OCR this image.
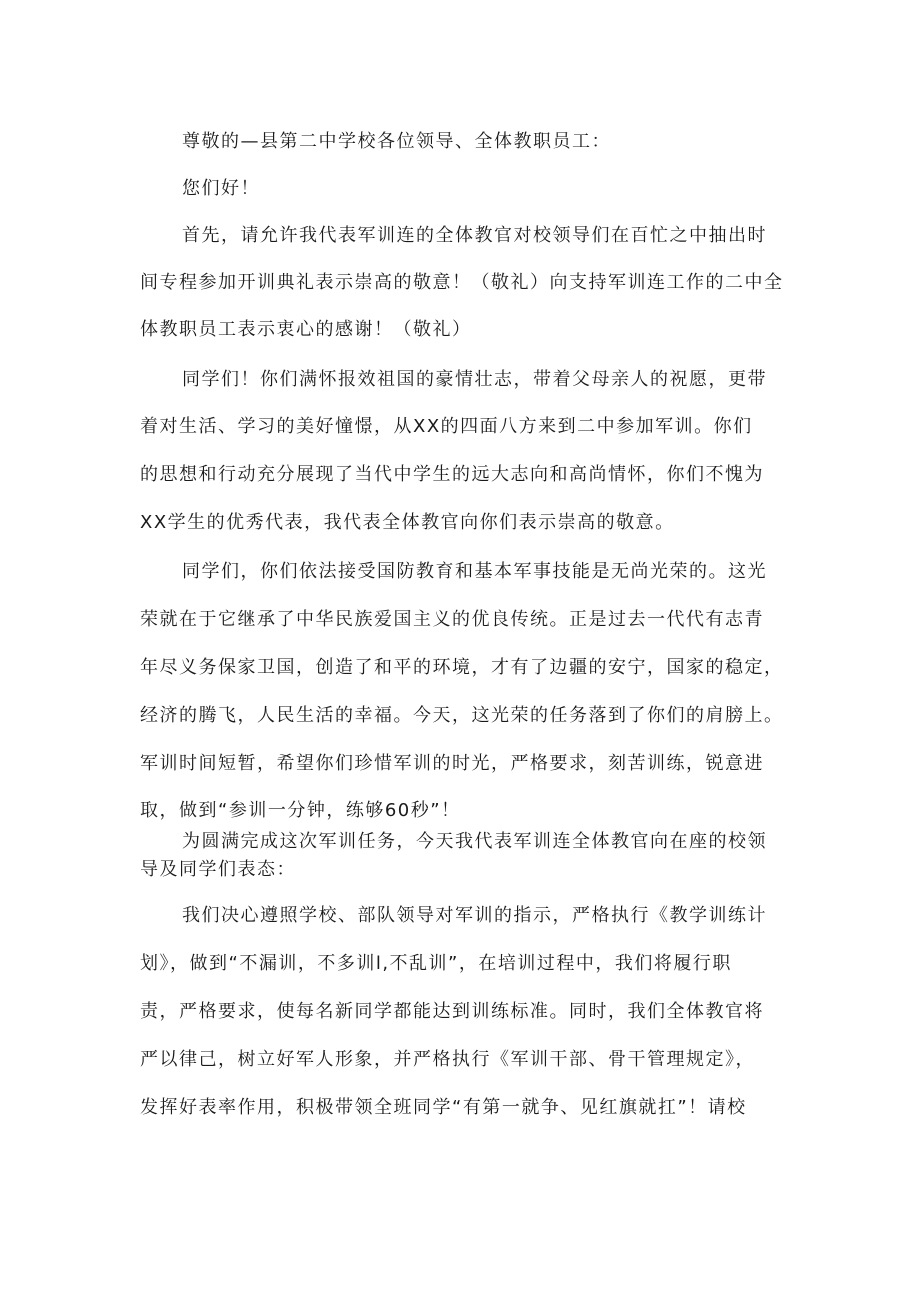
尊敬的—县第二中学校各位领导、全体教职员工：
您们好！
首先，请允许我代表军训连的全体教官对校领导们在百忙之中抽出时
间专程参加开训典礼表示崇高的敬意！（敬礼）向支持军训连工作的二中全
体教职员工表示衷心的感谢！（敬礼）
同学们！你们满怀报效祖国的豪情壮志，带着父母亲人的祝愿，更带
着对生活、学习的美好憧憬，从XX的四面八方来到二中参加军训。你们
的思想和行动充分展现了当代中学生的远大志向和高尚情怀，你们不愧为
XX学生的优秀代表，我代表全体教官向你们表示崇高的敬意。
同学们，你们依法接受国防教育和基本军事技能是无尚光荣的。这光
荣就在于它继承了中华民族爱国主义的优良传统。正是过去一代代有志青
年尽义务保家卫国，创造了和平的环境，才有了边疆的安宁，国家的稳定，
经济的腾飞，人民生活的幸福。今天，这光荣的任务落到了你们的肩膀上。
军训时间短暂，希望你们珍惜军训的时光，严格要求，刻苦训练，锐意进
取，做到“参训一分钟，练够60秒”！
为圆满完成这次军训任务，今天我代表军训连全体教官向在座的校领
导及同学们表态：
我们决心遵照学校、部队领导对军训的指示，严格执行《教学训练计
划》，做到“不漏训，不多训l,不乱训”，在培训过程中，我们将履行职
责，严格要求，使每名新同学都能达到训练标准。同时，我们全体教官将
严以律己，树立好军人形象，并严格执行《军训干部、骨干管理规定》，
发挥好表率作用，积极带领全班同学“有第一就争、见红旗就扛”！请校
